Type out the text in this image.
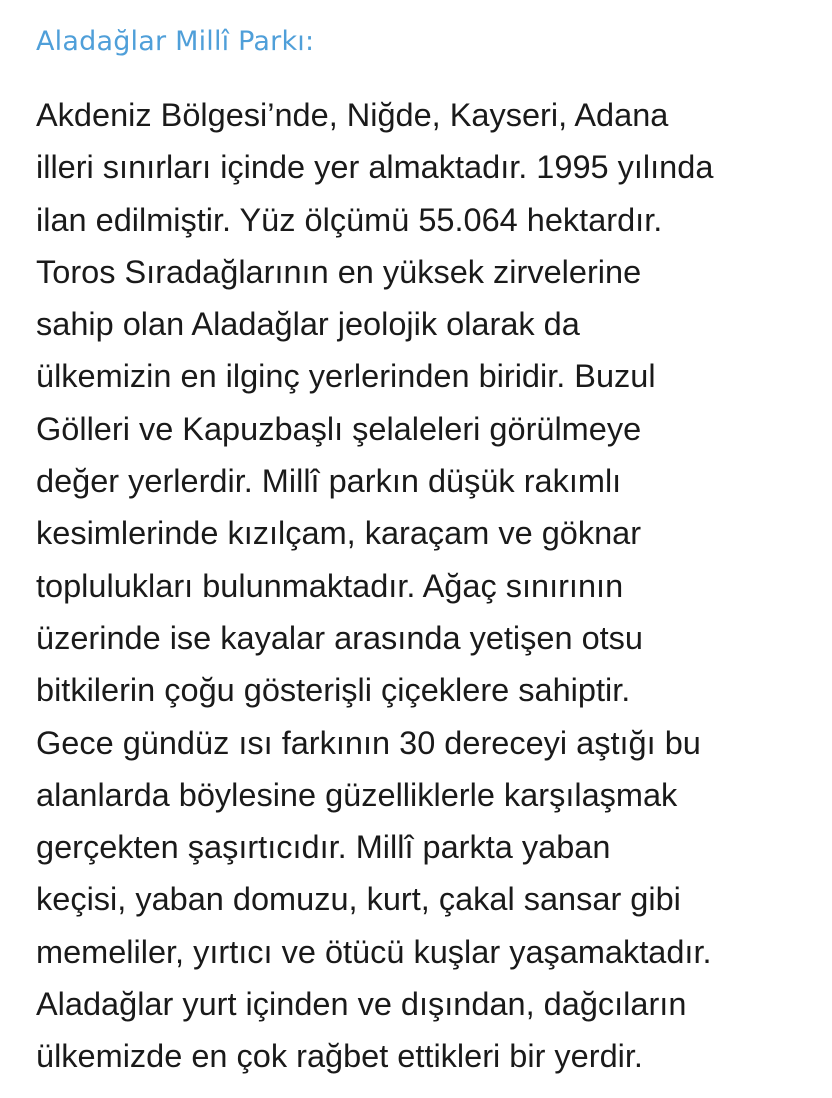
Aladağlar Millî Parkı:
Akdeniz Bölgesi’nde, Niğde, Kayseri, Adana
illeri sınırları içinde yer almaktadır. 1995 yılında
ilan edilmiştir. Yüz ölçümü 55.064 hektardır.
Toros Sıradağlarının en yüksek zirvelerine
sahip olan Aladağlar jeolojik olarak da
ülkemizin en ilginç yerlerinden biridir. Buzul
Gölleri ve Kapuzbaşlı şelaleleri görülmeye
değer yerlerdir. Millî parkın düşük rakımlı
kesimlerinde kızılçam, karaçam ve göknar
toplulukları bulunmaktadır. Ağaç sınırının
üzerinde ise kayalar arasında yetişen otsu
bitkilerin çoğu gösterişli çiçeklere sahiptir.
Gece gündüz ısı farkının 30 dereceyi aştığı bu
alanlarda böylesine güzelliklerle karşılaşmak
gerçekten şaşırtıcıdır. Millî parkta yaban
keçisi, yaban domuzu, kurt, çakal sansar gibi
memeliler, yırtıcı ve ötücü kuşlar yaşamaktadır.
Aladağlar yurt içinden ve dışından, dağcıların
ülkemizde en çok rağbet ettikleri bir yerdir.
